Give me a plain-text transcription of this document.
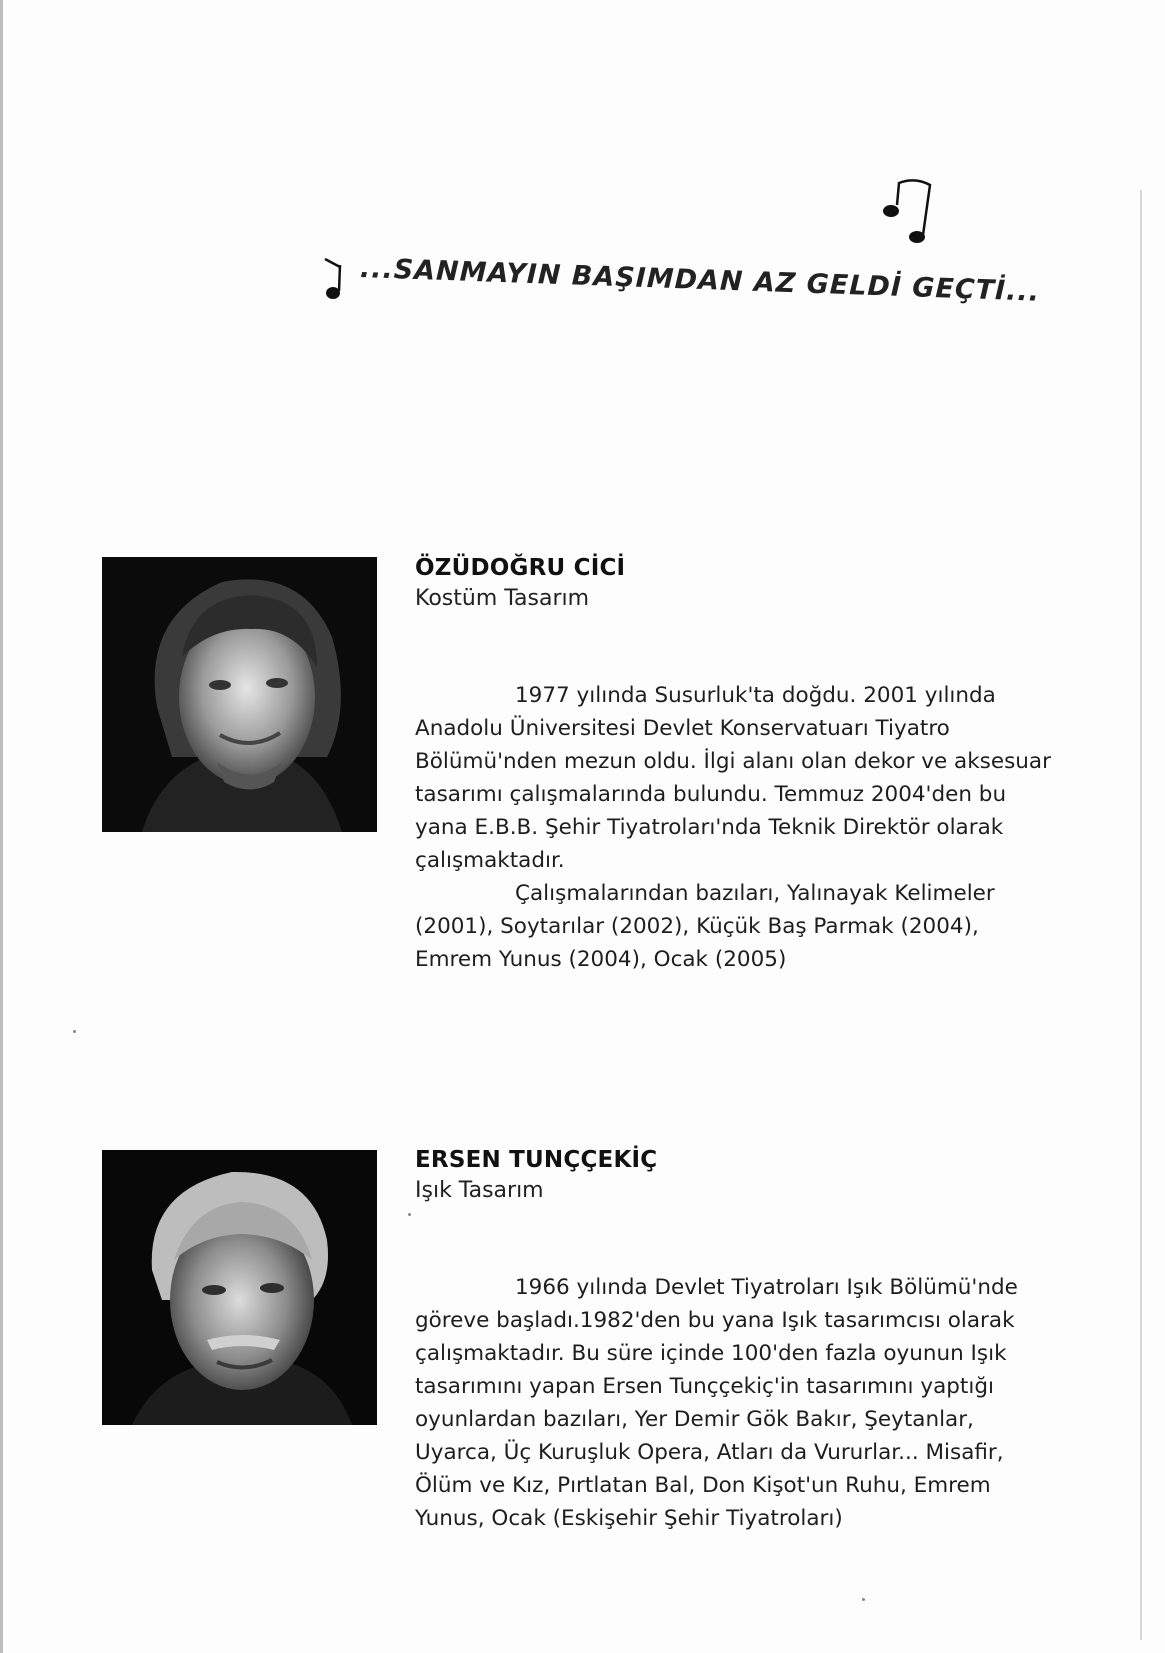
...SANMAYIN BAŞIMDAN AZ GELDİ GEÇTİ...
ÖZÜDOĞRU CİCİ
Kostüm Tasarım

1977 yılında Susurluk'ta doğdu. 2001 yılında Anadolu Üniversitesi Devlet Konservatuarı Tiyatro Bölümü'nden mezun oldu. İlgi alanı olan dekor ve aksesuar tasarımı çalışmalarında bulundu. Temmuz 2004'den bu yana E.B.B. Şehir Tiyatroları'nda Teknik Direktör olarak çalışmaktadır.

Çalışmalarından bazıları, Yalınayak Kelimeler (2001), Soytarılar (2002), Küçük Baş Parmak (2004), Emrem Yunus (2004), Ocak (2005)

ERSEN TUNÇÇEKİÇ
Işık Tasarım

1966 yılında Devlet Tiyatroları Işık Bölümü'nde göreve başladı.1982'den bu yana Işık tasarımcısı olarak çalışmaktadır. Bu süre içinde 100'den fazla oyunun Işık tasarımını yapan Ersen Tunççekiç'in tasarımını yaptığı oyunlardan bazıları, Yer Demir Gök Bakır, Şeytanlar, Uyarca, Üç Kuruşluk Opera, Atları da Vururlar... Misafir, Ölüm ve Kız, Pırtlatan Bal, Don Kişot'un Ruhu, Emrem Yunus, Ocak (Eskişehir Şehir Tiyatroları)
